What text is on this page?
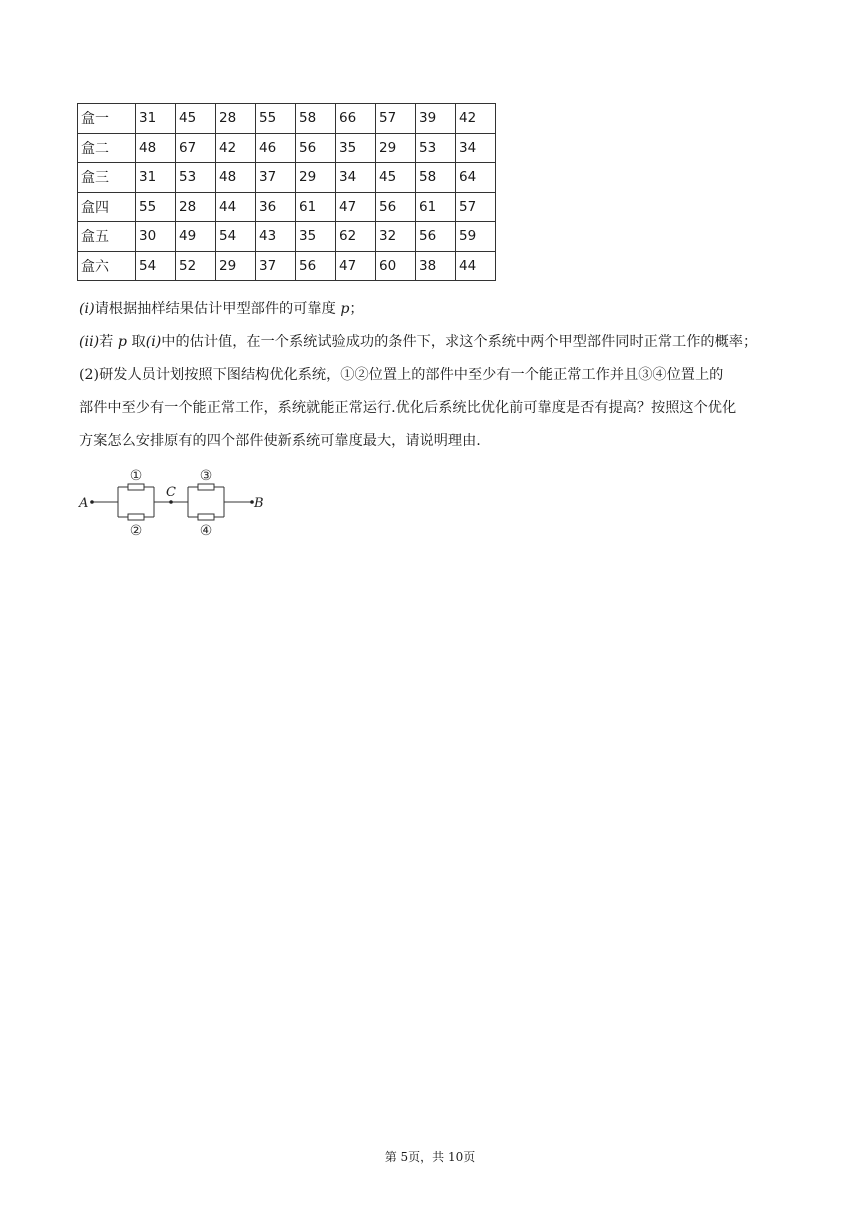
盒一	31	45	28	55	58	66	57	39	42
盒二	48	67	42	46	56	35	29	53	34
盒三	31	53	48	37	29	34	45	58	64
盒四	55	28	44	36	61	47	56	61	57
盒五	30	49	54	43	35	62	32	56	59
盒六	54	52	29	37	56	47	60	38	44
(i)请根据抽样结果估计甲型部件的可靠度 p；
(ii)若 p 取(i)中的估计值，在一个系统试验成功的条件下，求这个系统中两个甲型部件同时正常工作的概率；
(2)研发人员计划按照下图结构优化系统，①②位置上的部件中至少有一个能正常工作并且③④位置上的
部件中至少有一个能正常工作，系统就能正常运行.优化后系统比优化前可靠度是否有提高？按照这个优化
方案怎么安排原有的四个部件使新系统可靠度最大，请说明理由.
A
C
B
①
②
③
④
第 5页，共 10页
